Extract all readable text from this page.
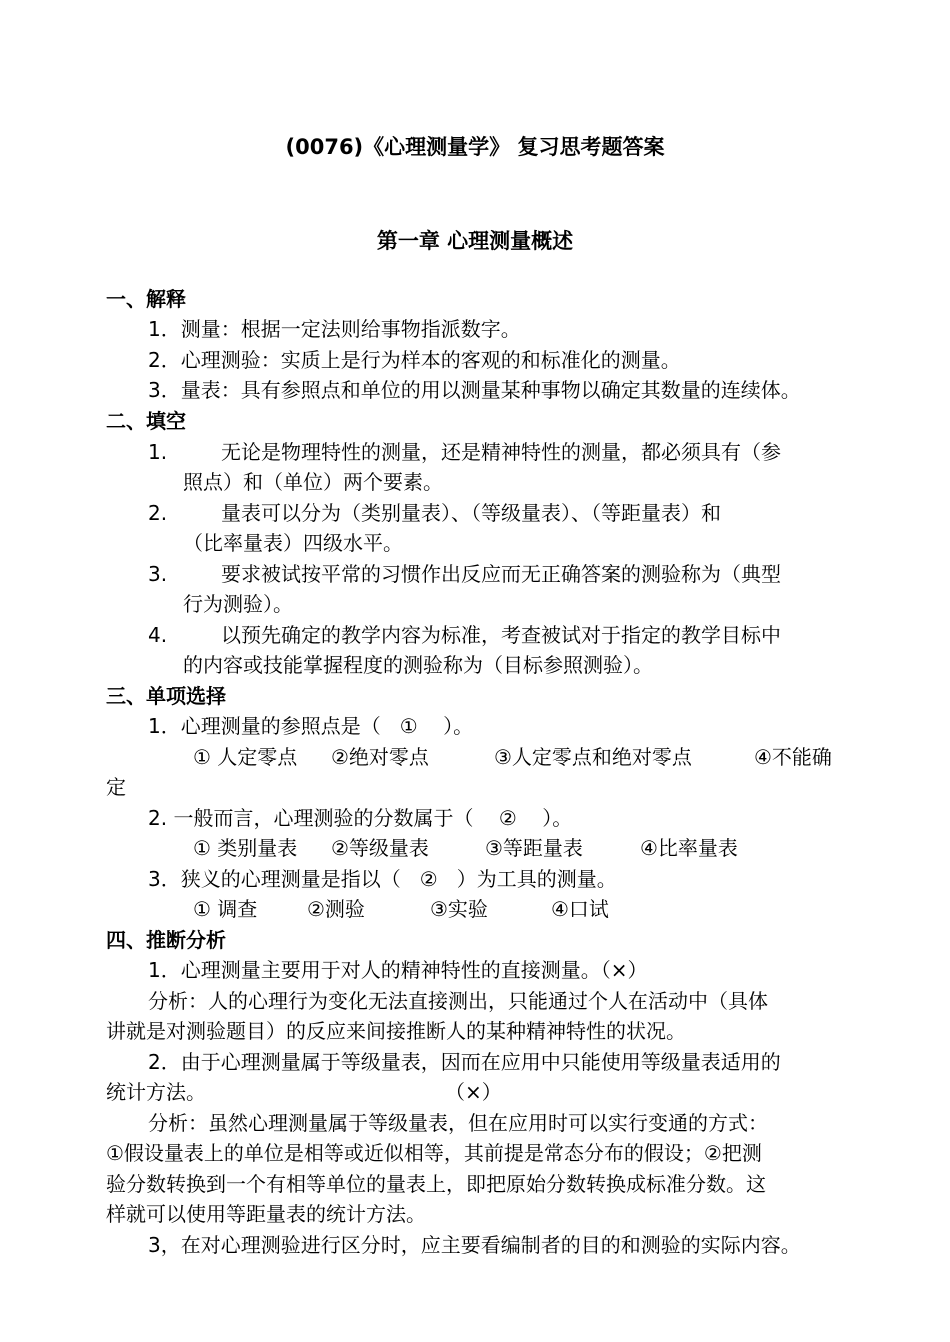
(0076)《心理测量学》 复习思考题答案
第一章 心理测量概述
一、解释
1．测量：根据一定法则给事物指派数字。
2．心理测验：实质上是行为样本的客观的和标准化的测量。
3．量表：具有参照点和单位的用以测量某种事物以确定其数量的连续体。
二、填空
1.	无论是物理特性的测量，还是精神特性的测量，都必须具有（参
照点）和（单位）两个要素。
2.	量表可以分为（类别量表）、（等级量表）、（等距量表）和
（比率量表）四级水平。
3.	要求被试按平常的习惯作出反应而无正确答案的测验称为（典型
行为测验）。
4.	以预先确定的教学内容为标准，考查被试对于指定的教学目标中
的内容或技能掌握程度的测验称为（目标参照测验）。
三、单项选择
1．心理测量的参照点是（   ①    ）。
① 人定零点 ②绝对零点	③人定零点和绝对零点	④不能确
定
2. 一般而言，心理测验的分数属于（    ②    ）。
① 类别量表 ②等级量表	③等距量表	④比率量表
3．狭义的心理测量是指以（   ②   ）为工具的测量。
① 调查 ②测验	③实验	④口试
四、推断分析
1．心理测量主要用于对人的精神特性的直接测量。（×）
分析：人的心理行为变化无法直接测出，只能通过个人在活动中（具体
讲就是对测验题目）的反应来间接推断人的某种精神特性的状况。
2．由于心理测量属于等级量表，因而在应用中只能使用等级量表适用的
统计方法。	（×）
分析：虽然心理测量属于等级量表，但在应用时可以实行变通的方式：
①假设量表上的单位是相等或近似相等，其前提是常态分布的假设；②把测
验分数转换到一个有相等单位的量表上，即把原始分数转换成标准分数。这
样就可以使用等距量表的统计方法。
3，在对心理测验进行区分时，应主要看编制者的目的和测验的实际内容。
